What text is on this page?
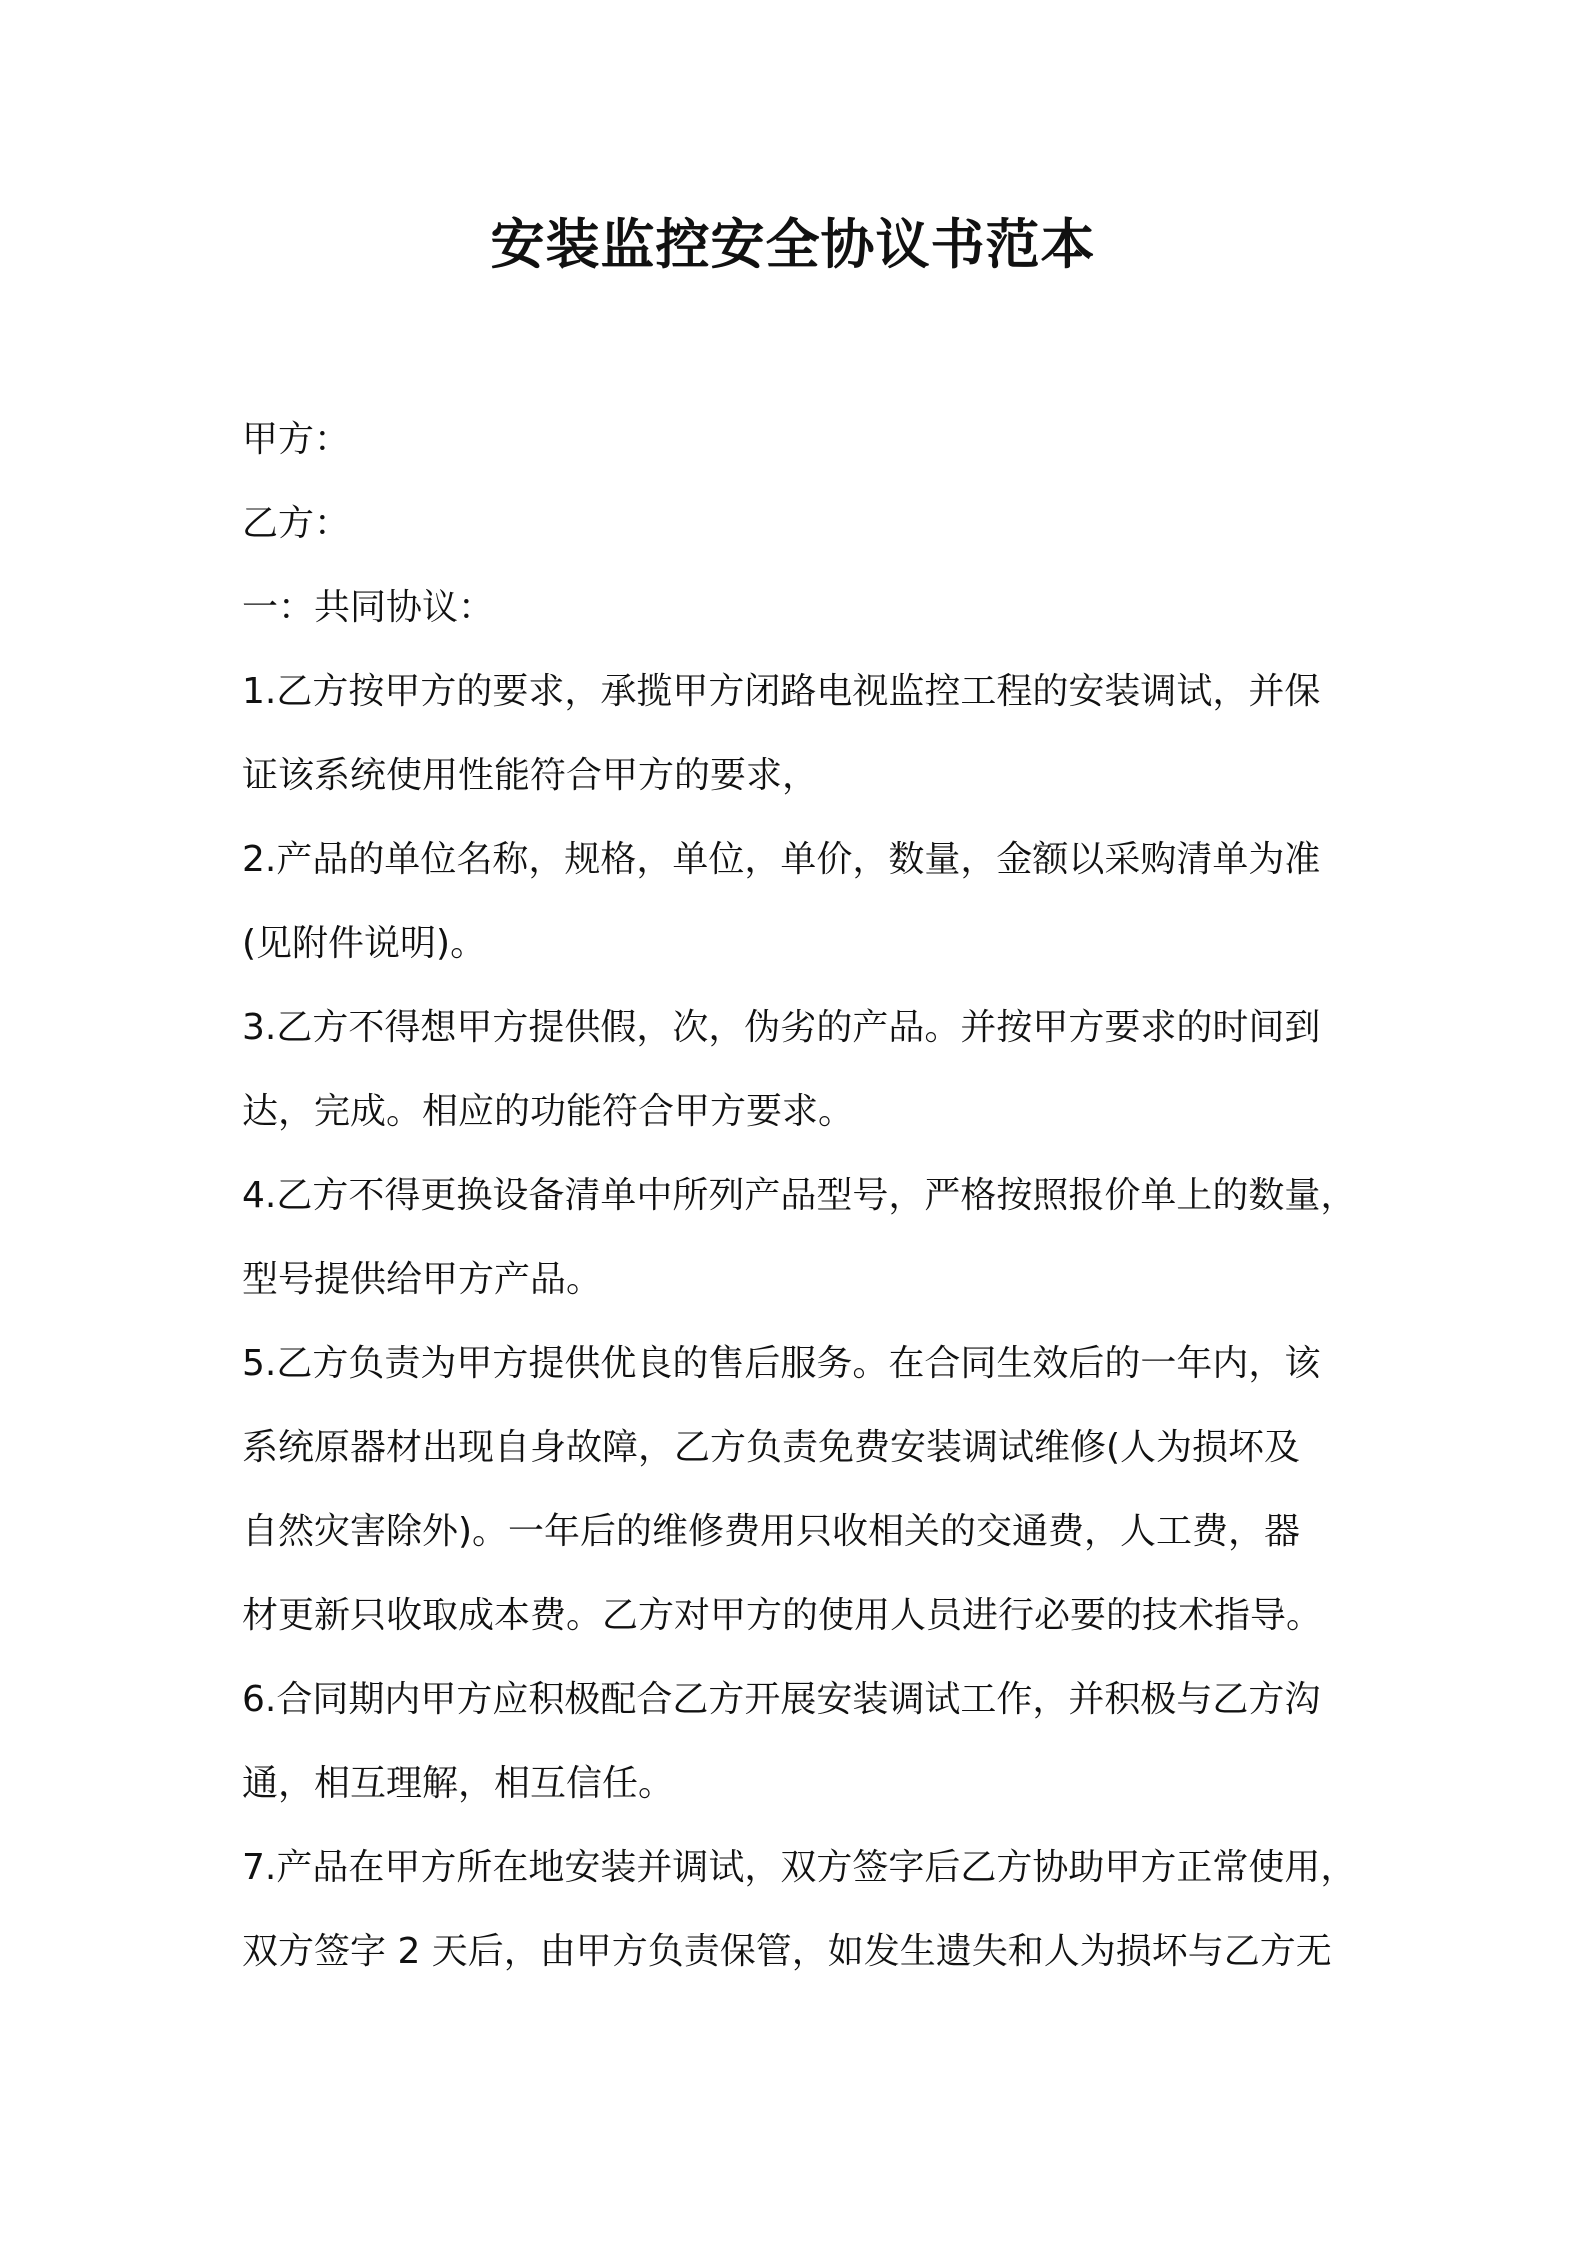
安装监控安全协议书范本

甲方：

乙方：

一：共同协议：

1.乙方按甲方的要求，承揽甲方闭路电视监控工程的安装调试，并保

证该系统使用性能符合甲方的要求，

2.产品的单位名称，规格，单位，单价，数量，金额以采购清单为准

(见附件说明)。

3.乙方不得想甲方提供假，次，伪劣的产品。并按甲方要求的时间到

达，完成。相应的功能符合甲方要求。

4.乙方不得更换设备清单中所列产品型号，严格按照报价单上的数量，

型号提供给甲方产品。

5.乙方负责为甲方提供优良的售后服务。在合同生效后的一年内，该

系统原器材出现自身故障，乙方负责免费安装调试维修(人为损坏及

自然灾害除外)。一年后的维修费用只收相关的交通费，人工费，器

材更新只收取成本费。乙方对甲方的使用人员进行必要的技术指导。

6.合同期内甲方应积极配合乙方开展安装调试工作，并积极与乙方沟

通，相互理解，相互信任。

7.产品在甲方所在地安装并调试，双方签字后乙方协助甲方正常使用，

双方签字 2 天后，由甲方负责保管，如发生遗失和人为损坏与乙方无
